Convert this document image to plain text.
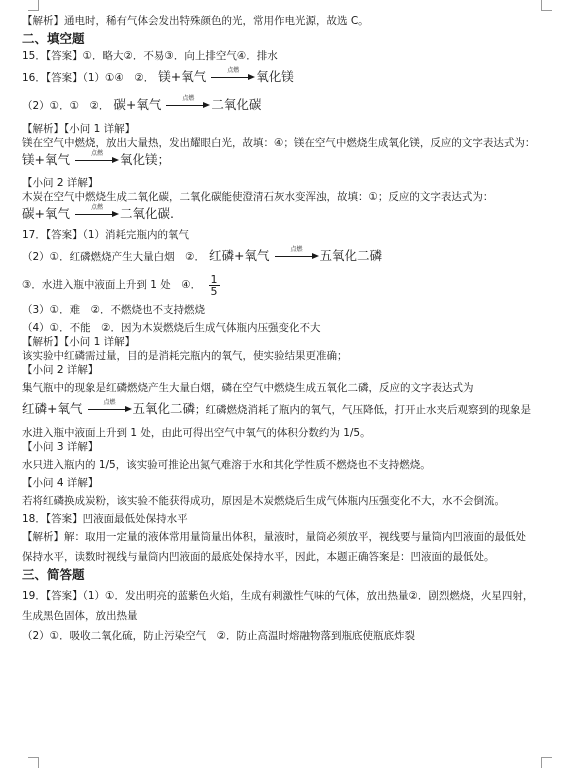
【解析】通电时，稀有气体会发出特殊颜色的光，常用作电光源，故选 C。

二、填空题

15．【答案】①．略大②．不易③．向上排空气④．排水

16．【答案】（1）①④　②． 镁+氧气	点燃	氧化镁
（2）①．①　②． 碳+氧气	点燃	二氧化碳

【解析】【小问 1 详解】

镁在空气中燃烧，放出大量热，发出耀眼白光，故填：④；镁在空气中燃烧生成氧化镁，反应的文字表达式为：

镁+氧气	点燃	氧化镁；

【小问 2 详解】

木炭在空气中燃烧生成二氧化碳，二氧化碳能使澄清石灰水变浑浊，故填：①；反应的文字表达式为：

碳+氧气	点燃	二氧化碳.

17．【答案】（1）消耗完瓶内的氧气

（2）①．红磷燃烧产生大量白烟　②． 红磷+氧气	点燃	五氧化二磷
③．水进入瓶中液面上升到 1 处　④． $\frac{1}{5}$

（3）①．难　②．不燃烧也不支持燃烧

（4）①．不能　②．因为木炭燃烧后生成气体瓶内压强变化不大

【解析】【小问 1 详解】

该实验中红磷需过量，目的是消耗完瓶内的氧气，使实验结果更准确；

【小问 2 详解】

集气瓶中的现象是红磷燃烧产生大量白烟，磷在空气中燃烧生成五氧化二磷，反应的文字表达式为

红磷+氧气	点燃	五氧化二磷；红磷燃烧消耗了瓶内的氧气，气压降低，打开止水夹后观察到的现象是

水进入瓶中液面上升到 1 处，由此可得出空气中氧气的体积分数约为 1/5。

【小问 3 详解】

水只进入瓶内的 1/5，该实验可推论出氮气难溶于水和其化学性质不燃烧也不支持燃烧。

【小问 4 详解】

若将红磷换成炭粉，该实验不能获得成功，原因是木炭燃烧后生成气体瓶内压强变化不大，水不会倒流。

18．【答案】凹液面最低处保持水平

【解析】解：取用一定量的液体常用量筒量出体积，量液时，量筒必须放平，视线要与量筒内凹液面的最低处

保持水平，读数时视线与量筒内凹液面的最底处保持水平，因此，本题正确答案是：凹液面的最低处。

三、简答题

19．【答案】（1）①．发出明亮的蓝紫色火焰，生成有刺激性气味的气体，放出热量②．剧烈燃烧，火星四射，

生成黑色固体，放出热量

（2）①．吸收二氧化硫，防止污染空气　②．防止高温时熔融物落到瓶底使瓶底炸裂
